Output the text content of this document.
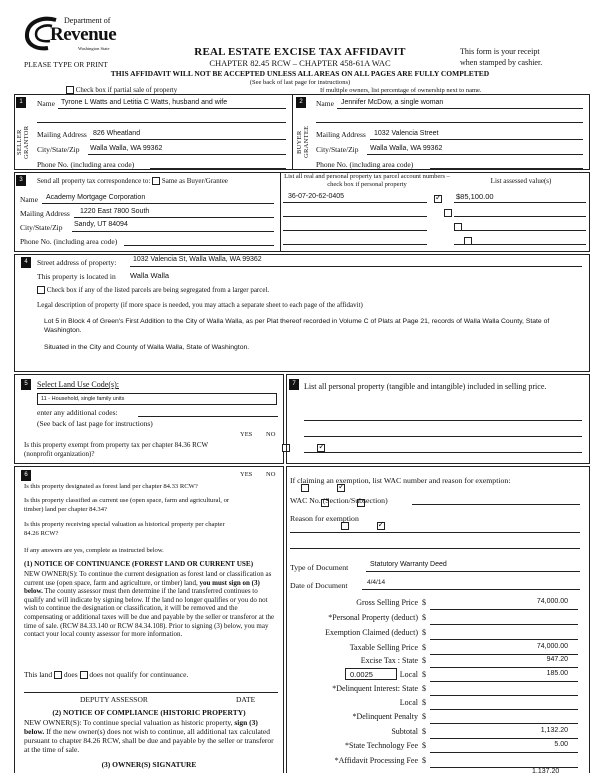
Department of
Revenue
Washington State
PLEASE TYPE OR PRINT
REAL ESTATE EXCISE TAX AFFIDAVIT
CHAPTER 82.45 RCW – CHAPTER 458-61A WAC
This form is your receipt
when stamped by cashier.
THIS AFFIDAVIT WILL NOT BE ACCEPTED UNLESS ALL AREAS ON ALL PAGES ARE FULLY COMPLETED
(See back of last page for instructions)
Check box if partial sale of property	If multiple owners, list percentage of ownership next to name.
1
SELLER GRANTOR
Name Tyrone L Watts and Letitia C Watts, husband and wife
Mailing Address 826 Wheatland
City/State/Zip Walla Walla, WA 99362
Phone No. (including area code)
2
BUYER GRANTEE
Name Jennifer McDow, a single woman
Mailing Address 1032 Valencia Street
City/State/Zip Walla Walla, WA 99362
Phone No. (including area code)
3	Send all property tax correspondence to: Same as Buyer/Grantee
Name Academy Mortgage Corporation
Mailing Address 1220 East 7800 South
City/State/Zip Sandy, UT 84094
Phone No. (including area code)
List all real and personal property tax parcel account numbers – check box if personal property	List assessed value(s)
36-07-20-62-0405
✓	$85,100.00

4	Street address of property: 1032 Valencia St, Walla Walla, WA 99362
This property is located in Walla Walla
Check box if any of the listed parcels are being segregated from a larger parcel.
Legal description of property (if more space is needed, you may attach a separate sheet to each page of the affidavit)
Lot 5 in Block 4 of Green's First Addition to the City of Walla Walla, as per Plat thereof recorded in Volume C of Plats at Page 21, records of Walla Walla County, State of Washington.
Situated in the City and County of Walla Walla, State of Washington.
5	Select Land Use Code(s):
11 - Household, single family units
enter any additional codes:
(See back of last page for instructions)
YES NO
Is this property exempt from property tax per chapter 84.36 RCW (nonprofit organization)?
✓
7	List all personal property (tangible and intangible) included in selling price.
6	YES NO
Is this property designated as forest land per chapter 84.33 RCW?
✓
Is this property classified as current use (open space, farm and agricultural, or timber) land per chapter 84.34?

Is this property receiving special valuation as historical property per chapter 84.26 RCW?
✓
If any answers are yes, complete as instructed below.
(1) NOTICE OF CONTINUANCE (FOREST LAND OR CURRENT USE)
NEW OWNER(S): To continue the current designation as forest land or classification as current use (open space, farm and agriculture, or timber) land, you must sign on (3) below. The county assessor must then determine if the land transferred continues to qualify and will indicate by signing below. If the land no longer qualifies or you do not wish to continue the designation or classification, it will be removed and the compensating or additional taxes will be due and payable by the seller or transferor at the time of sale. (RCW 84.33.140 or RCW 84.34.108). Prior to signing (3) below, you may contact your local county assessor for more information.
This land does does not qualify for continuance.
DEPUTY ASSESSOR	DATE
(2) NOTICE OF COMPLIANCE (HISTORIC PROPERTY)
NEW OWNER(S): To continue special valuation as historic property, sign (3) below. If the new owner(s) does not wish to continue, all additional tax calculated pursuant to chapter 84.26 RCW, shall be due and payable by the seller or transferor at the time of sale.
(3) OWNER(S) SIGNATURE
If claiming an exemption, list WAC number and reason for exemption:
WAC No. (Section/Subsection)
Reason for exemption
Type of Document	Statutory Warranty Deed
Date of Document	4/4/14
Gross Selling Price $	74,000.00
*Personal Property (deduct) $
Exemption Claimed (deduct) $
Taxable Selling Price $	74,000.00
Excise Tax : State $	947.20
0.0025	Local $	185.00
*Delinquent Interest: State $
Local $
*Delinquent Penalty $
Subtotal $	1,132.20
*State Technology Fee $	5.00
*Affidavit Processing Fee $
1,137.20
